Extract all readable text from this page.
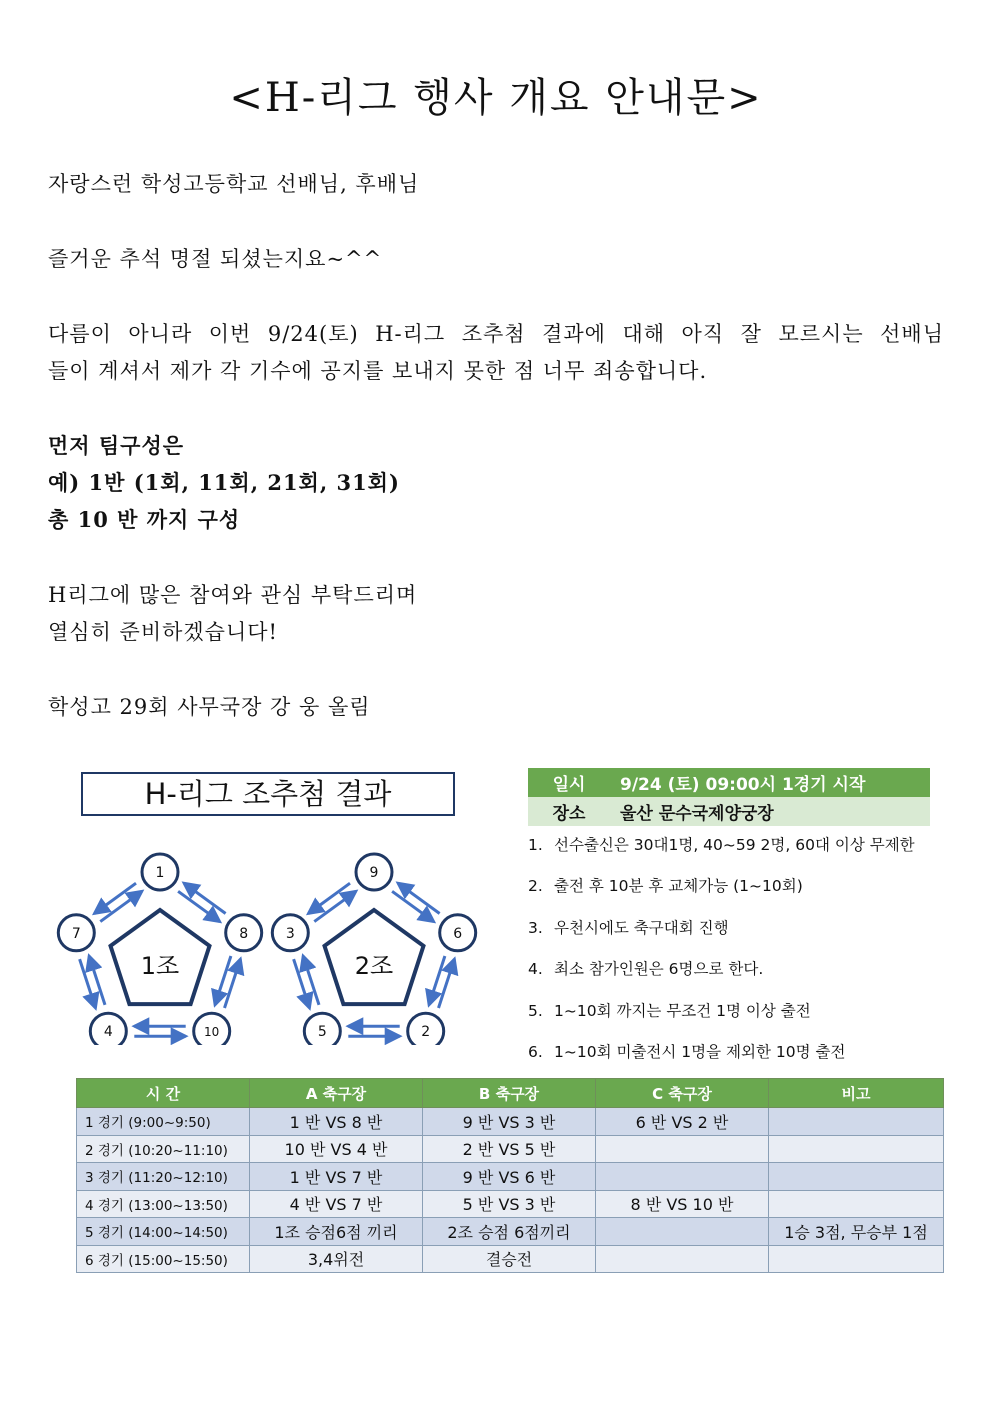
<H-리그 행사 개요 안내문>
자랑스런 학성고등학교 선배님, 후배님
즐거운 추석 명절 되셨는지요~^^
다름이 아니라 이번 9/24(토) H-리그 조추첨 결과에 대해 아직 잘 모르시는 선배님
들이 계셔서 제가 각 기수에 공지를 보내지 못한 점 너무 죄송합니다.
먼저 팀구성은
예) 1반 (1회, 11회, 21회, 31회)
총 10 반 까지 구성
H리그에 많은 참여와 관심 부탁드리며
열심히 준비하겠습니다!
학성고 29회 사무국장 강 웅 올림
H-리그 조추첨 결과	일시	9/24 (토) 09:00시 1경기 시작
장소	울산 문수국제양궁장
1. 선수출신은 30대1명, 40~59 2명, 60대 이상 무제한
2. 출전 후 10분 후 교체가능 (1~10회)
3. 우천시에도 축구대회 진행
4. 최소 참가인원은 6명으로 한다.
5. 1~10회 까지는 무조건 1명 이상 출전
6. 1~10회 미출전시 1명을 제외한 10명 출전
1조
1
8
10
4
7
2조
9
6
2
5
3
시 간	A 축구장	B 축구장	C 축구장	비고
1 경기 (9:00~9:50)	1 반 VS 8 반	9 반 VS 3 반	6 반 VS 2 반	
2 경기 (10:20~11:10)	10 반 VS 4 반	2 반 VS 5 반		
3 경기 (11:20~12:10)	1 반 VS 7 반	9 반 VS 6 반		
4 경기 (13:00~13:50)	4 반 VS 7 반	5 반 VS 3 반	8 반 VS 10 반	
5 경기 (14:00~14:50)	1조 승점6점 끼리	2조 승점 6점끼리		1승 3점, 무승부 1점
6 경기 (15:00~15:50)	3,4위전	결승전		
